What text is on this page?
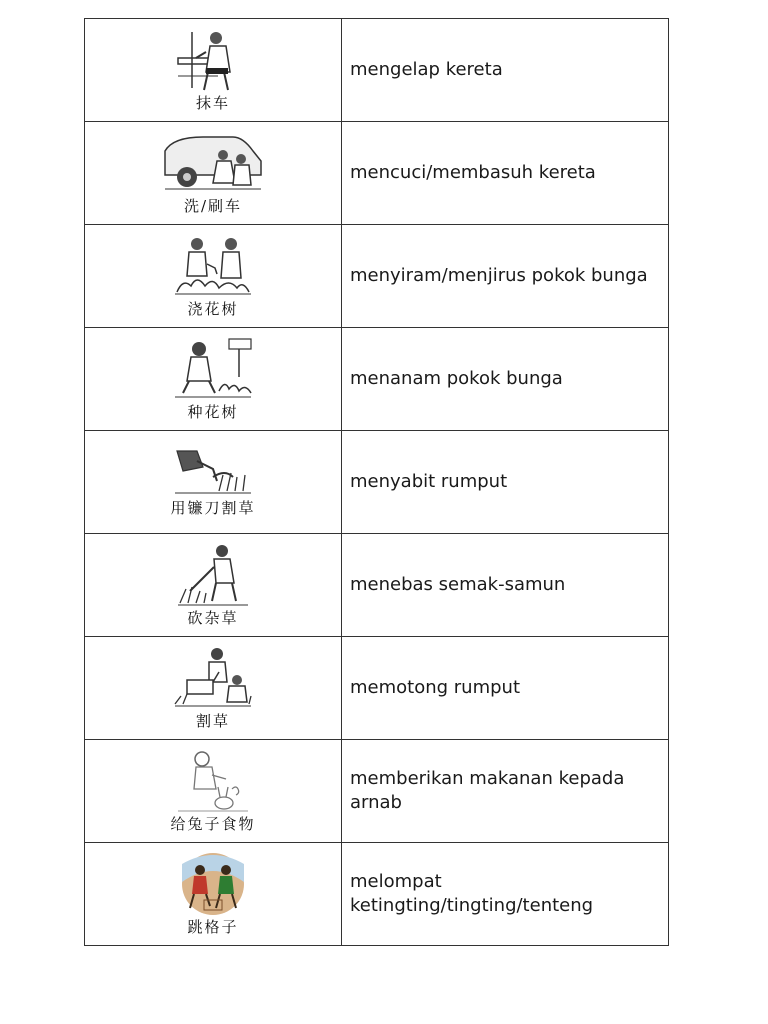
抹车	mengelap kereta

洗/刷车	mencuci/membasuh kereta

浇花树	menyiram/menjirus pokok bunga

种花树	menanam pokok bunga

用镰刀割草	menyabit rumput

砍杂草	menebas semak-samun

割草	memotong rumput

给兔子食物	memberikan makanan kepada arnab

跳格子	melompat ketingting/tingting/tenteng
